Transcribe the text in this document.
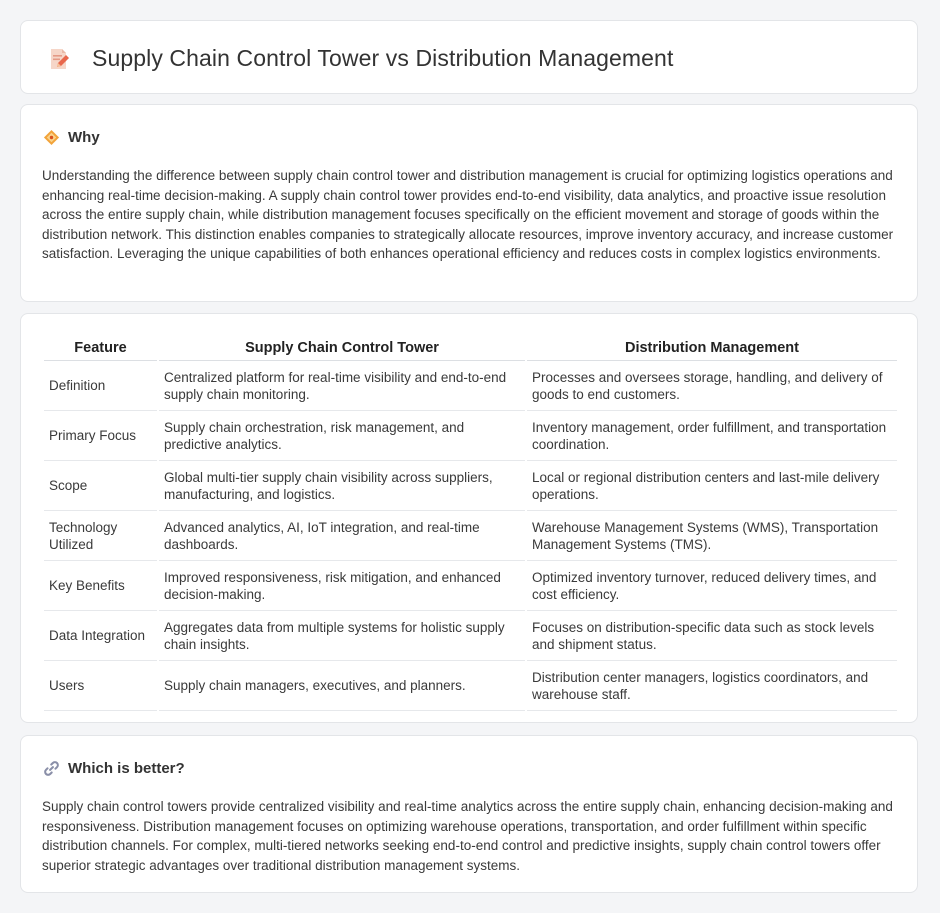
Supply Chain Control Tower vs Distribution Management
Why

Understanding the difference between supply chain control tower and distribution management is crucial for optimizing logistics operations and enhancing real-time decision-making. A supply chain control tower provides end-to-end visibility, data analytics, and proactive issue resolution across the entire supply chain, while distribution management focuses specifically on the efficient movement and storage of goods within the distribution network. This distinction enables companies to strategically allocate resources, improve inventory accuracy, and increase customer satisfaction. Leveraging the unique capabilities of both enhances operational efficiency and reduces costs in complex logistics environments.

Feature	Supply Chain Control Tower	Distribution Management
Definition	Centralized platform for real-time visibility and end-to-end supply chain monitoring.	Processes and oversees storage, handling, and delivery of goods to end customers.
Primary Focus	Supply chain orchestration, risk management, and predictive analytics.	Inventory management, order fulfillment, and transportation coordination.
Scope	Global multi-tier supply chain visibility across suppliers, manufacturing, and logistics.	Local or regional distribution centers and last-mile delivery operations.
Technology Utilized	Advanced analytics, AI, IoT integration, and real-time dashboards.	Warehouse Management Systems (WMS), Transportation Management Systems (TMS).
Key Benefits	Improved responsiveness, risk mitigation, and enhanced decision-making.	Optimized inventory turnover, reduced delivery times, and cost efficiency.
Data Integration	Aggregates data from multiple systems for holistic supply chain insights.	Focuses on distribution-specific data such as stock levels and shipment status.
Users	Supply chain managers, executives, and planners.	Distribution center managers, logistics coordinators, and warehouse staff.
Which is better?

Supply chain control towers provide centralized visibility and real-time analytics across the entire supply chain, enhancing decision-making and responsiveness. Distribution management focuses on optimizing warehouse operations, transportation, and order fulfillment within specific distribution channels. For complex, multi-tiered networks seeking end-to-end control and predictive insights, supply chain control towers offer superior strategic advantages over traditional distribution management systems.
